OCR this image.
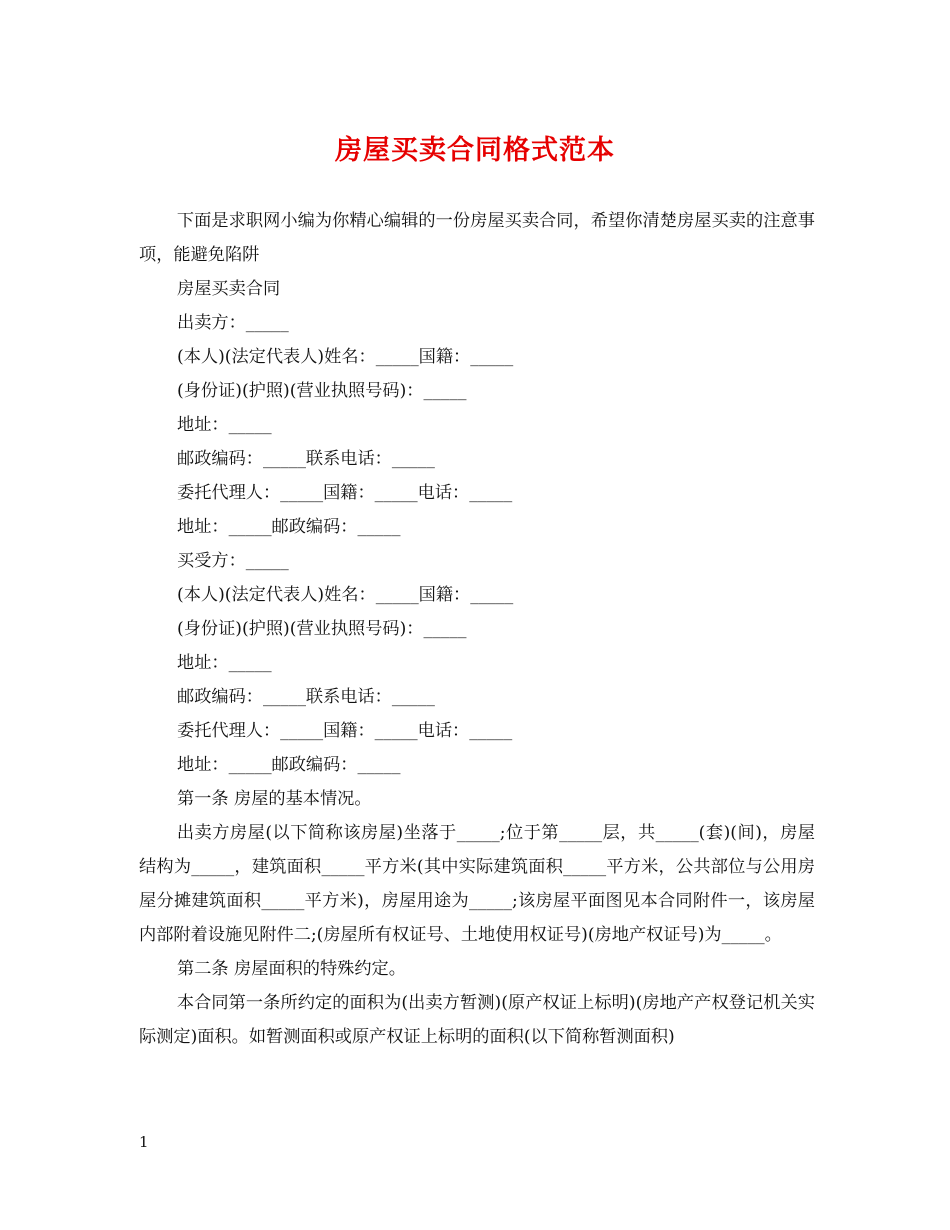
房屋买卖合同格式范本

下面是求职网小编为你精心编辑的一份房屋买卖合同，希望你清楚房屋买卖的注意事项，能避免陷阱

房屋买卖合同

出卖方：_____

(本人)(法定代表人)姓名：_____国籍：_____

(身份证)(护照)(营业执照号码)：_____

地址：_____

邮政编码：_____联系电话：_____

委托代理人：_____国籍：_____电话：_____

地址：_____邮政编码：_____

买受方：_____

(本人)(法定代表人)姓名：_____国籍：_____

(身份证)(护照)(营业执照号码)：_____

地址：_____

邮政编码：_____联系电话：_____

委托代理人：_____国籍：_____电话：_____

地址：_____邮政编码：_____

第一条 房屋的基本情况。

出卖方房屋(以下简称该房屋)坐落于_____;位于第_____层，共_____(套)(间)，房屋结构为_____，建筑面积_____平方米(其中实际建筑面积_____平方米，公共部位与公用房屋分摊建筑面积_____平方米)，房屋用途为_____;该房屋平面图见本合同附件一，该房屋内部附着设施见附件二;(房屋所有权证号、土地使用权证号)(房地产权证号)为_____。

第二条 房屋面积的特殊约定。

本合同第一条所约定的面积为(出卖方暂测)(原产权证上标明)(房地产产权登记机关实际测定)面积。如暂测面积或原产权证上标明的面积(以下简称暂测面积)

1
